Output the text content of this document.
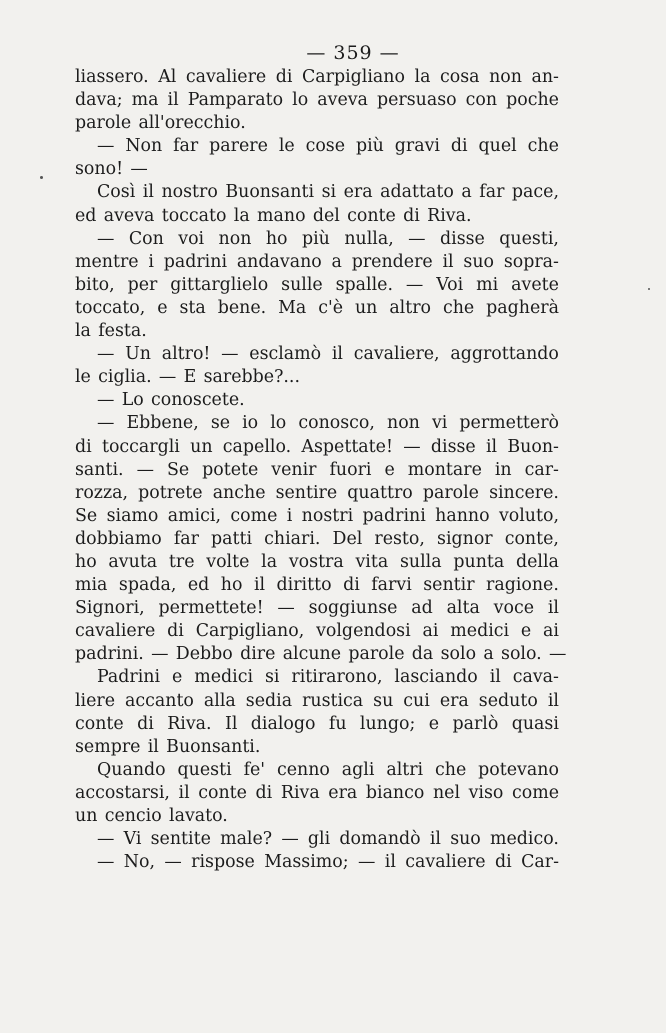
— 359 —
liassero. Al cavaliere di Carpigliano la cosa non an-
dava; ma il Pamparato lo aveva persuaso con poche
parole all'orecchio.
— Non far parere le cose più gravi di quel che
sono! —
Così il nostro Buonsanti si era adattato a far pace,
ed aveva toccato la mano del conte di Riva.
— Con voi non ho più nulla, — disse questi,
mentre i padrini andavano a prendere il suo sopra-
bito, per gittarglielo sulle spalle. — Voi mi avete
toccato, e sta bene. Ma c'è un altro che pagherà
la festa.
— Un altro! — esclamò il cavaliere, aggrottando
le ciglia. — E sarebbe?...
— Lo conoscete.
— Ebbene, se io lo conosco, non vi permetterò
di toccargli un capello. Aspettate! — disse il Buon-
santi. — Se potete venir fuori e montare in car-
rozza, potrete anche sentire quattro parole sincere.
Se siamo amici, come i nostri padrini hanno voluto,
dobbiamo far patti chiari. Del resto, signor conte,
ho avuta tre volte la vostra vita sulla punta della
mia spada, ed ho il diritto di farvi sentir ragione.
Signori, permettete! — soggiunse ad alta voce il
cavaliere di Carpigliano, volgendosi ai medici e ai
padrini. — Debbo dire alcune parole da solo a solo. —
Padrini e medici si ritirarono, lasciando il cava-
liere accanto alla sedia rustica su cui era seduto il
conte di Riva. Il dialogo fu lungo; e parlò quasi
sempre il Buonsanti.
Quando questi fe' cenno agli altri che potevano
accostarsi, il conte di Riva era bianco nel viso come
un cencio lavato.
— Vi sentite male? — gli domandò il suo medico.
— No, — rispose Massimo; — il cavaliere di Car-
